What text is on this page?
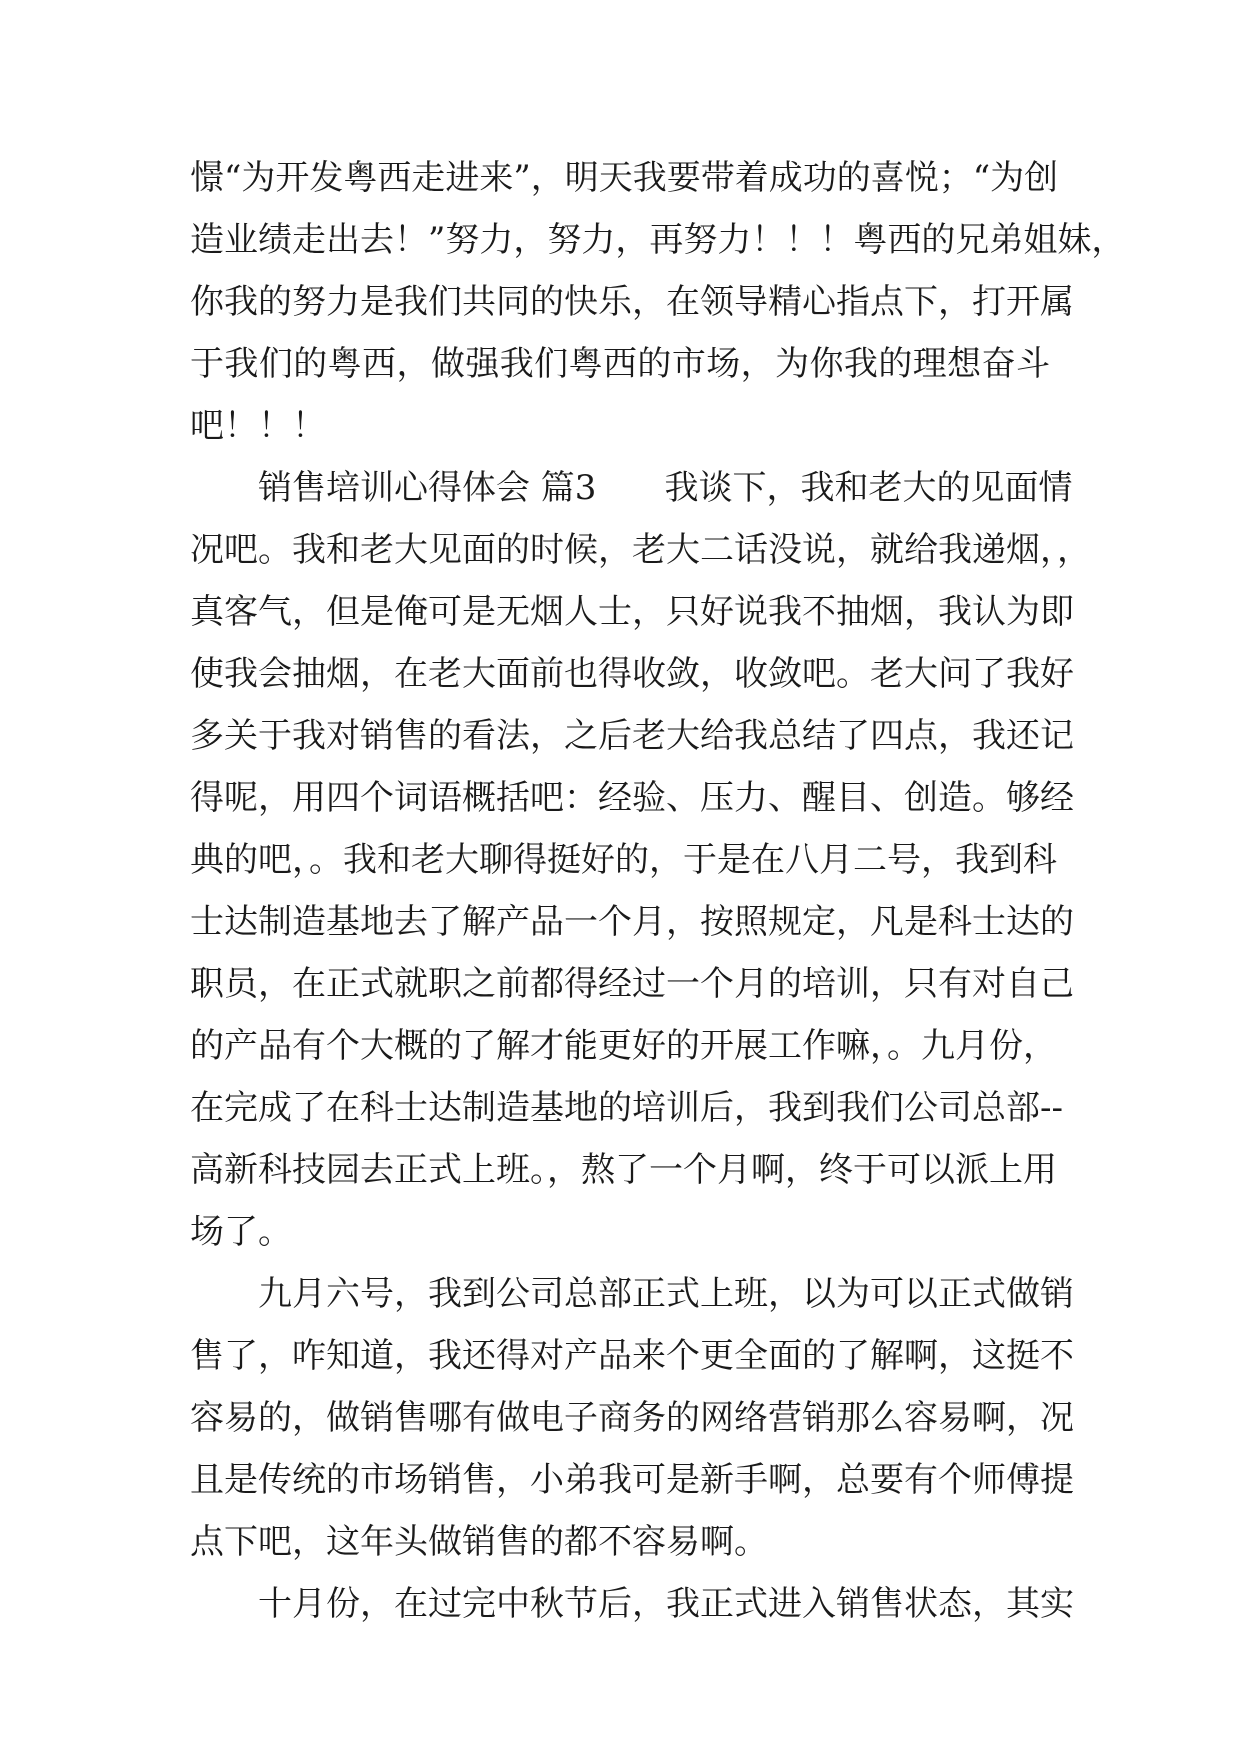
憬“为开发粤西走进来”，明天我要带着成功的喜悦；“为创
造业绩走出去！”努力，努力，再努力！！！粤西的兄弟姐妹，
你我的努力是我们共同的快乐，在领导精心指点下，打开属
于我们的粤西，做强我们粤西的市场，为你我的理想奋斗
吧！！！
销售培训心得体会 篇3　　我谈下，我和老大的见面情
况吧。我和老大见面的时候，老大二话没说，就给我递烟，，
真客气，但是俺可是无烟人士，只好说我不抽烟，我认为即
使我会抽烟，在老大面前也得收敛，收敛吧。老大问了我好
多关于我对销售的看法，之后老大给我总结了四点，我还记
得呢，用四个词语概括吧：经验、压力、醒目、创造。够经
典的吧，。我和老大聊得挺好的，于是在八月二号，我到科
士达制造基地去了解产品一个月，按照规定，凡是科士达的
职员，在正式就职之前都得经过一个月的培训，只有对自己
的产品有个大概的了解才能更好的开展工作嘛，。九月份，
在完成了在科士达制造基地的培训后，我到我们公司总部--
高新科技园去正式上班。，熬了一个月啊，终于可以派上用
场了。
九月六号，我到公司总部正式上班，以为可以正式做销
售了，咋知道，我还得对产品来个更全面的了解啊，这挺不
容易的，做销售哪有做电子商务的网络营销那么容易啊，况
且是传统的市场销售，小弟我可是新手啊，总要有个师傅提
点下吧，这年头做销售的都不容易啊。
十月份，在过完中秋节后，我正式进入销售状态，其实
